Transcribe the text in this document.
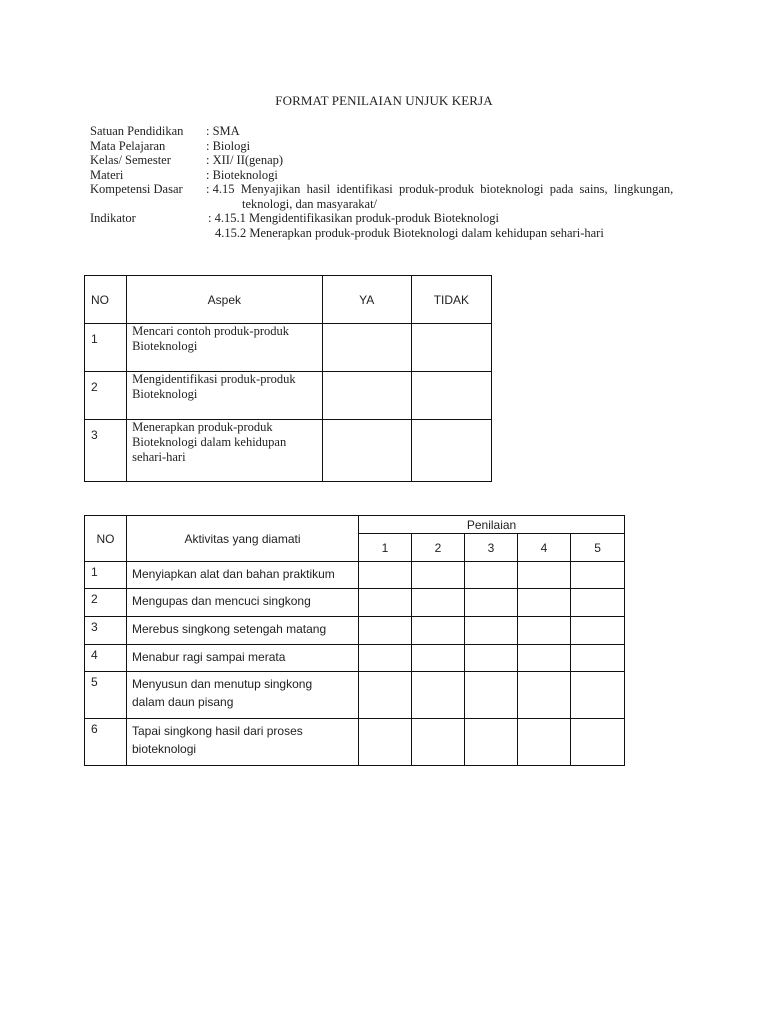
FORMAT PENILAIAN UNJUK KERJA
Satuan Pendidikan : SMA
Mata Pelajaran	: Biologi
Kelas/ Semester	: XII/ II(genap)
Materi	: Bioteknologi
Kompetensi Dasar : 4.15  Menyajikan  hasil  identifikasi  produk-produk  bioteknologi  pada  sains,  lingkungan,
teknologi, dan masyarakat/
Indikator	: 4.15.1 Mengidentifikasikan produk-produk Bioteknologi
4.15.2 Menerapkan produk-produk Bioteknologi dalam kehidupan sehari-hari
NO	Aspek	YA	TIDAK
1	Mencari contoh produk-produk
Bioteknologi		

2	Mengidentifikasi produk-produk
Bioteknologi		

3	Menerapkan produk-produk
Bioteknologi dalam kehidupan
sehari-hari		

NO	Aktivitas yang diamati	Penilaian				
		1	2	3	4	5
1	Menyiapkan alat dan bahan praktikum					
2	Mengupas dan mencuci singkong					
3	Merebus singkong setengah matang					
4	Menabur ragi sampai merata					
5	Menyusun dan menutup singkong
dalam daun pisang					

6	Tapai singkong hasil dari proses
bioteknologi					
